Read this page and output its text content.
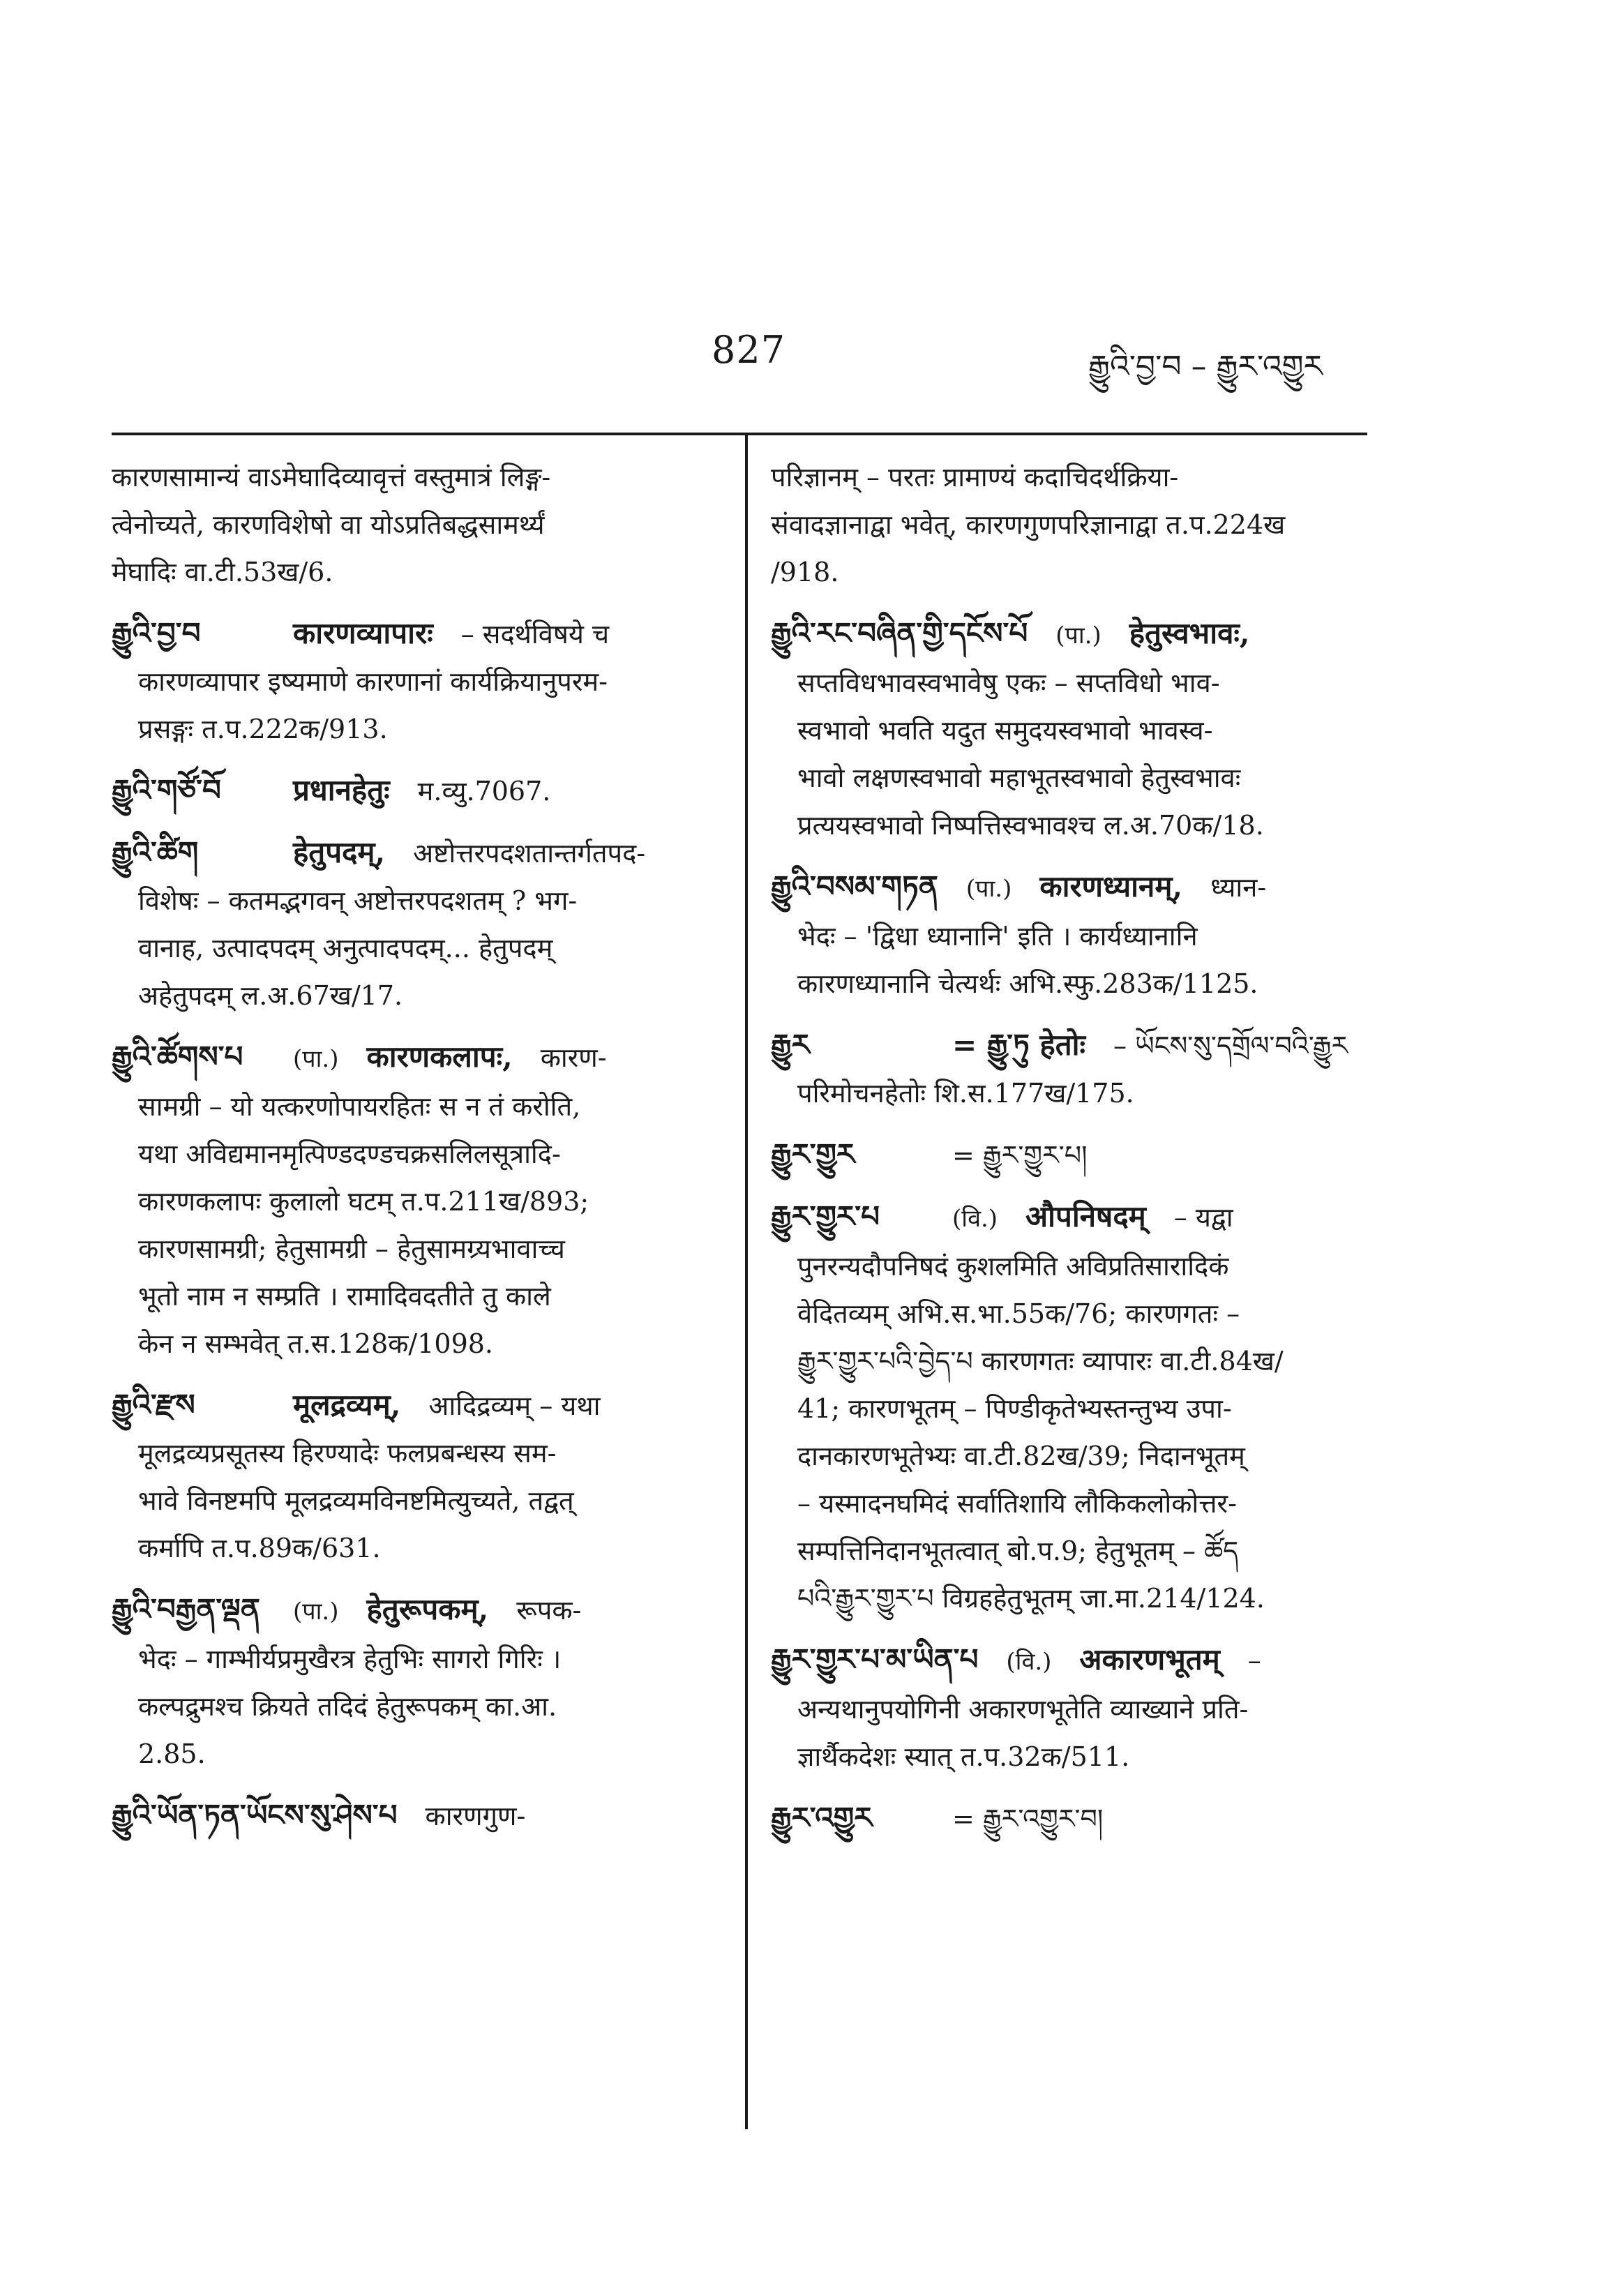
827	རྒྱུའི་བྱ་བ – རྒྱུར་འགྱུར
कारणसामान्यं वाऽमेघादिव्यावृत्तं वस्तुमात्रं लिङ्ग-
त्वेनोच्यते, कारणविशेषो वा योऽप्रतिबद्धसामर्थ्यं
मेघादिः वा.टी.53ख/6.
རྒྱུའི་བྱ་བ	कारणव्यापारः – सदर्थविषये च
कारणव्यापार इष्यमाणे कारणानां कार्यक्रियानुपरम-
प्रसङ्गः त.प.222क/913.
རྒྱུའི་གཙོ་བོ	प्रधानहेतुः म.व्यु.7067.
རྒྱུའི་ཚིག	हेतुपदम्, अष्टोत्तरपदशतान्तर्गतपद-
विशेषः – कतमद्भगवन् अष्टोत्तरपदशतम् ? भग-
वानाह, उत्पादपदम् अनुत्पादपदम्... हेतुपदम्
अहेतुपदम् ल.अ.67ख/17.
རྒྱུའི་ཚོགས་པ	(पा.) कारणकलापः, कारण-
सामग्री – यो यत्करणोपायरहितः स न तं करोति,
यथा अविद्यमानमृत्पिण्डदण्डचक्रसलिलसूत्रादि-
कारणकलापः कुलालो घटम् त.प.211ख/893;
कारणसामग्री; हेतुसामग्री – हेतुसामग्र्यभावाच्च
भूतो नाम न सम्प्रति । रामादिवदतीते तु काले
केन न सम्भवेत् त.स.128क/1098.
རྒྱུའི་རྫས	मूलद्रव्यम्, आदिद्रव्यम् – यथा
मूलद्रव्यप्रसूतस्य हिरण्यादेः फलप्रबन्धस्य सम-
भावे विनष्टमपि मूलद्रव्यमविनष्टमित्युच्यते, तद्वत्
कर्मापि त.प.89क/631.
རྒྱུའི་བརྒྱན་ལྡན (पा.) हेतुरूपकम्, रूपक-
भेदः – गाम्भीर्यप्रमुखैरत्र हेतुभिः सागरो गिरिः ।
कल्पद्रुमश्च क्रियते तदिदं हेतुरूपकम् का.आ.
2.85.
རྒྱུའི་ཡོན་ཏན་ཡོངས་སུ་ཤེས་པ कारणगुण-
परिज्ञानम् – परतः प्रामाण्यं कदाचिदर्थक्रिया-
संवादज्ञानाद्वा भवेत्, कारणगुणपरिज्ञानाद्वा त.प.224ख
/918.
རྒྱུའི་རང་བཞིན་གྱི་དངོས་པོ (पा.) हेतुस्वभावः,
सप्तविधभावस्वभावेषु एकः – सप्तविधो भाव-
स्वभावो भवति यदुत समुदयस्वभावो भावस्व-
भावो लक्षणस्वभावो महाभूतस्वभावो हेतुस्वभावः
प्रत्ययस्वभावो निष्पत्तिस्वभावश्च ल.अ.70क/18.
རྒྱུའི་བསམ་གཏན (पा.) कारणध्यानम्, ध्यान-
भेदः – 'द्विधा ध्यानानि' इति । कार्यध्यानानि
कारणध्यानानि चेत्यर्थः अभि.स्फु.283क/1125.
རྒྱུར	= རྒྱུ་ཏུ हेतोः – ཡོངས་སུ་དགྲོལ་བའི་རྒྱུར
परिमोचनहेतोः शि.स.177ख/175.
རྒྱུར་གྱུར	= རྒྱུར་གྱུར་པ།
རྒྱུར་གྱུར་པ	(वि.) औपनिषदम् – यद्वा
पुनरन्यदौपनिषदं कुशलमिति अविप्रतिसारादिकं
वेदितव्यम् अभि.स.भा.55क/76; कारणगतः –
རྒྱུར་གྱུར་པའི་བྱེད་པ कारणगतः व्यापारः वा.टी.84ख/
41; कारणभूतम् – पिण्डीकृतेभ्यस्तन्तुभ्य उपा-
दानकारणभूतेभ्यः वा.टी.82ख/39; निदानभूतम्
– यस्मादनघमिदं सर्वातिशायि लौकिकलोकोत्तर-
सम्पत्तिनिदानभूतत्वात् बो.प.9; हेतुभूतम् – ཚོད
པའི་རྒྱུར་གྱུར་པ विग्रहहेतुभूतम् जा.मा.214/124.
རྒྱུར་གྱུར་པ་མ་ཡིན་པ (वि.) अकारणभूतम् –
अन्यथानुपयोगिनी अकारणभूतेति व्याख्याने प्रति-
ज्ञार्थैकदेशः स्यात् त.प.32क/511.
རྒྱུར་འགྱུར	= རྒྱུར་འགྱུར་བ།
